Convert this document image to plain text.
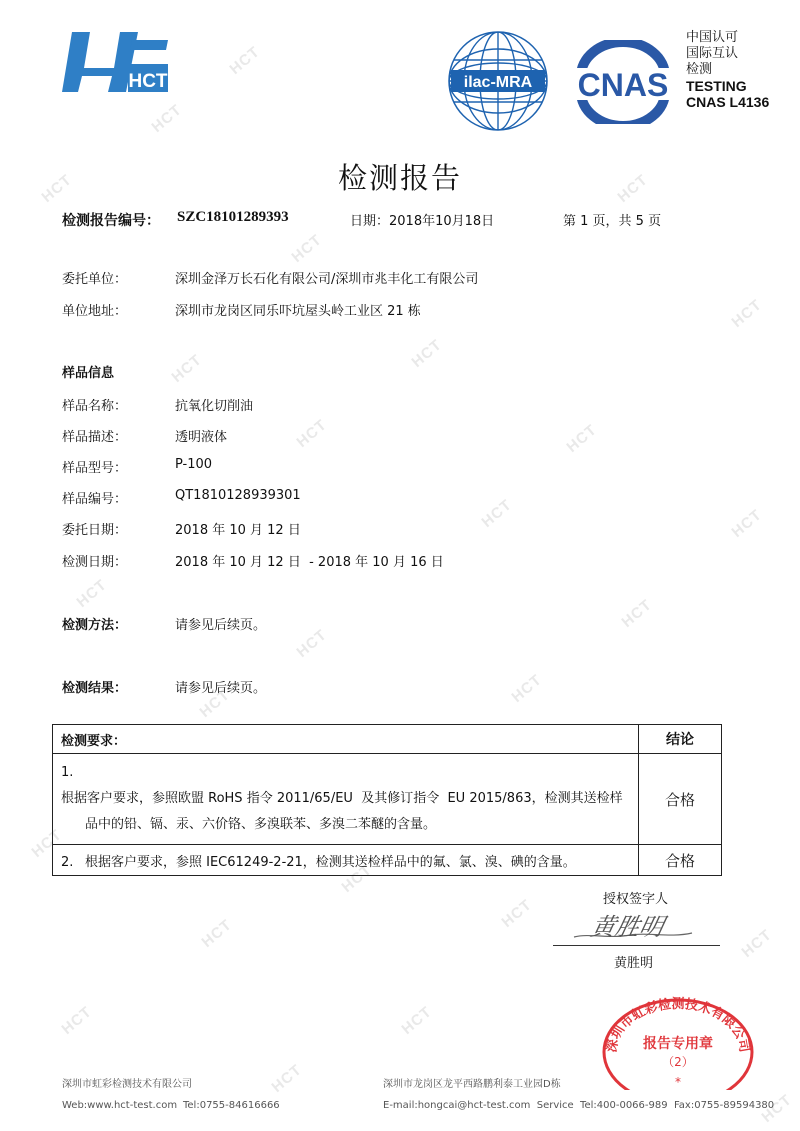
HCT
HCT
HCT	HCT
HCT
HCT
HCT
HCT
HCT	HCT
HCT	HCT
HCT
HCT
HCT
HCT	HCT
HCT
HCT
HCT
HCT	HCT
HCT	HCT
HCT
HCT
HCT	ilac-MRA CNAS
中国认可
国际互认
检测
TESTING
CNAS L4136
检测报告
检测报告编号： SZC18101289393	日期：2018年10月18日	第 1 页，共 5 页
委托单位：	深圳金泽万长石化有限公司/深圳市兆丰化工有限公司
单位地址：	深圳市龙岗区同乐吓坑屋头岭工业区 21 栋
样品信息
样品名称：	抗氧化切削油
样品描述：	透明液体
样品型号：	P-100
样品编号：	QT1810128939301
委托日期：	2018 年 10 月 12 日
检测日期：	2018 年 10 月 12 日  - 2018 年 10 月 16 日
检测方法：	请参见后续页。
检测结果：	请参见后续页。
检测要求：	结论
1.根据客户要求，参照欧盟 RoHS 指令 2011/65/EU  及其修订指令  EU 2015/863，检测其送检样
品中的铅、镉、汞、六价铬、多溴联苯、多溴二苯醚的含量。	合格
2. 根据客户要求，参照 IEC61249-2-21，检测其送检样品中的氟、氯、溴、碘的含量。	合格
授权签字人
黄胜明
黄胜明
深圳市虹彩检测技术有限公司
报告专用章
（2）
*
深圳市虹彩检测技术有限公司	深圳市龙岗区龙平西路鹏利泰工业园D栋
Web:www.hct-test.com Tel:0755-84616666	E-mail:hongcai@hct-test.com  Service  Tel:400-0066-989  Fax:0755-89594380
